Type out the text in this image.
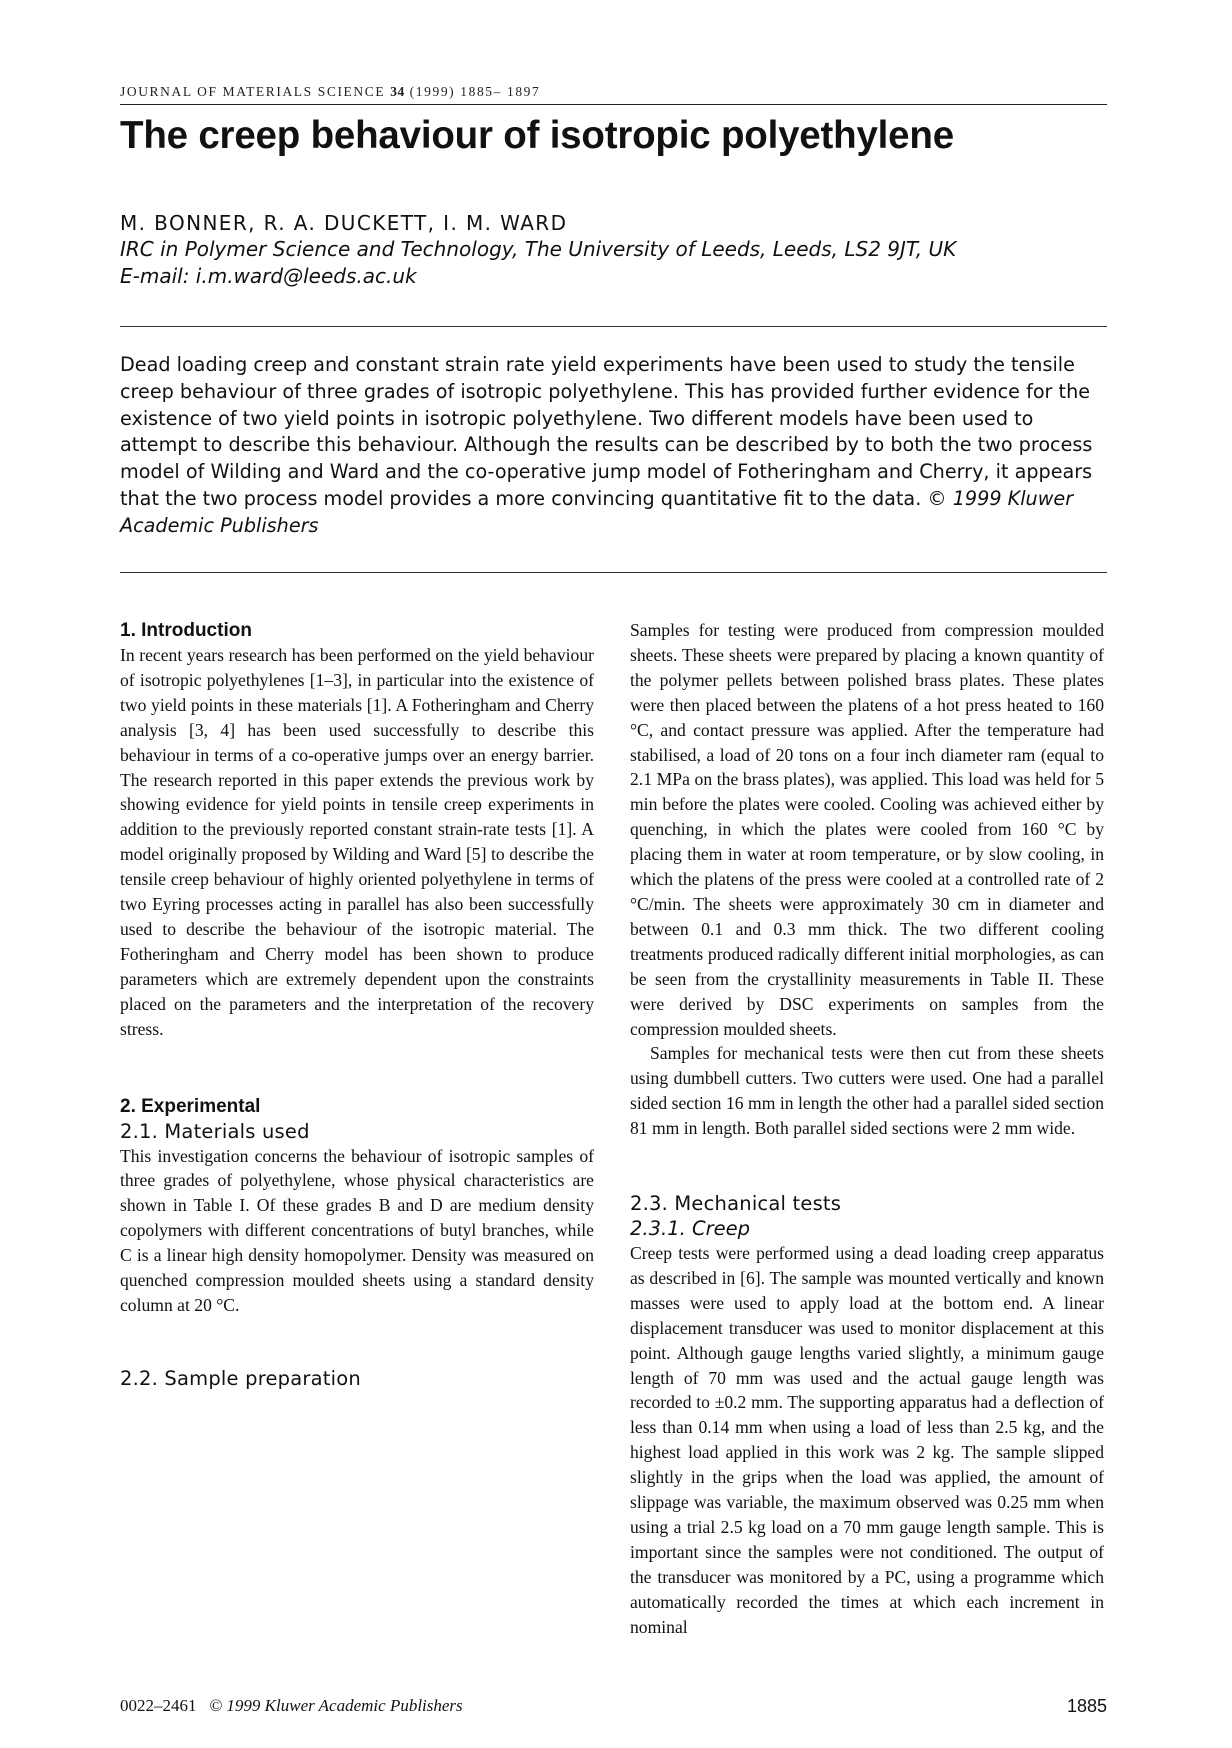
JOURNAL OF MATERIALS SCIENCE 34 (1999) 1885– 1897
The creep behaviour of isotropic polyethylene
M. BONNER, R. A. DUCKETT, I. M. WARD
IRC in Polymer Science and Technology, The University of Leeds, Leeds, LS2 9JT, UK
E-mail: i.m.ward@leeds.ac.uk

Dead loading creep and constant strain rate yield experiments have been used to study the tensile creep behaviour of three grades of isotropic polyethylene. This has provided further evidence for the existence of two yield points in isotropic polyethylene. Two different models have been used to attempt to describe this behaviour. Although the results can be described by to both the two process model of Wilding and Ward and the co-operative jump model of Fotheringham and Cherry, it appears that the two process model provides a more convincing quantitative fit to the data. © 1999 Kluwer Academic Publishers

1. Introduction

In recent years research has been performed on the yield behaviour of isotropic polyethylenes [1–3], in particular into the existence of two yield points in these materials [1]. A Fotheringham and Cherry analysis [3, 4] has been used successfully to describe this behaviour in terms of a co-operative jumps over an energy barrier. The research reported in this paper extends the previous work by showing evidence for yield points in tensile creep experiments in addition to the previously reported constant strain-rate tests [1]. A model originally proposed by Wilding and Ward [5] to describe the tensile creep behaviour of highly oriented polyethylene in terms of two Eyring processes acting in parallel has also been successfully used to describe the behaviour of the isotropic material. The Fotheringham and Cherry model has been shown to produce parameters which are extremely dependent upon the constraints placed on the parameters and the interpretation of the recovery stress.

2. Experimental
2.1. Materials used

This investigation concerns the behaviour of isotropic samples of three grades of polyethylene, whose physical characteristics are shown in Table I. Of these grades B and D are medium density copolymers with different concentrations of butyl branches, while C is a linear high density homopolymer. Density was measured on quenched compression moulded sheets using a standard density column at 20 °C.

2.2. Sample preparation

Samples for testing were produced from compression moulded sheets. These sheets were prepared by placing a known quantity of the polymer pellets between polished brass plates. These plates were then placed between the platens of a hot press heated to 160 °C, and contact pressure was applied. After the temperature had stabilised, a load of 20 tons on a four inch diameter ram (equal to 2.1 MPa on the brass plates), was applied. This load was held for 5 min before the plates were cooled. Cooling was achieved either by quenching, in which the plates were cooled from 160 °C by placing them in water at room temperature, or by slow cooling, in which the platens of the press were cooled at a controlled rate of 2 °C/min. The sheets were approximately 30 cm in diameter and between 0.1 and 0.3 mm thick. The two different cooling treatments produced radically different initial morphologies, as can be seen from the crystallinity measurements in Table II. These were derived by DSC experiments on samples from the compression moulded sheets.

Samples for mechanical tests were then cut from these sheets using dumbbell cutters. Two cutters were used. One had a parallel sided section 16 mm in length the other had a parallel sided section 81 mm in length. Both parallel sided sections were 2 mm wide.

2.3. Mechanical tests
2.3.1. Creep

Creep tests were performed using a dead loading creep apparatus as described in [6]. The sample was mounted vertically and known masses were used to apply load at the bottom end. A linear displacement transducer was used to monitor displacement at this point. Although gauge lengths varied slightly, a minimum gauge length of 70 mm was used and the actual gauge length was recorded to ±0.2 mm. The supporting apparatus had a deflection of less than 0.14 mm when using a load of less than 2.5 kg, and the highest load applied in this work was 2 kg. The sample slipped slightly in the grips when the load was applied, the amount of slippage was variable, the maximum observed was 0.25 mm when using a trial 2.5 kg load on a 70 mm gauge length sample. This is important since the samples were not conditioned. The output of the transducer was monitored by a PC, using a programme which automatically recorded the times at which each increment in nominal

0022–2461 © 1999 Kluwer Academic Publishers	1885
